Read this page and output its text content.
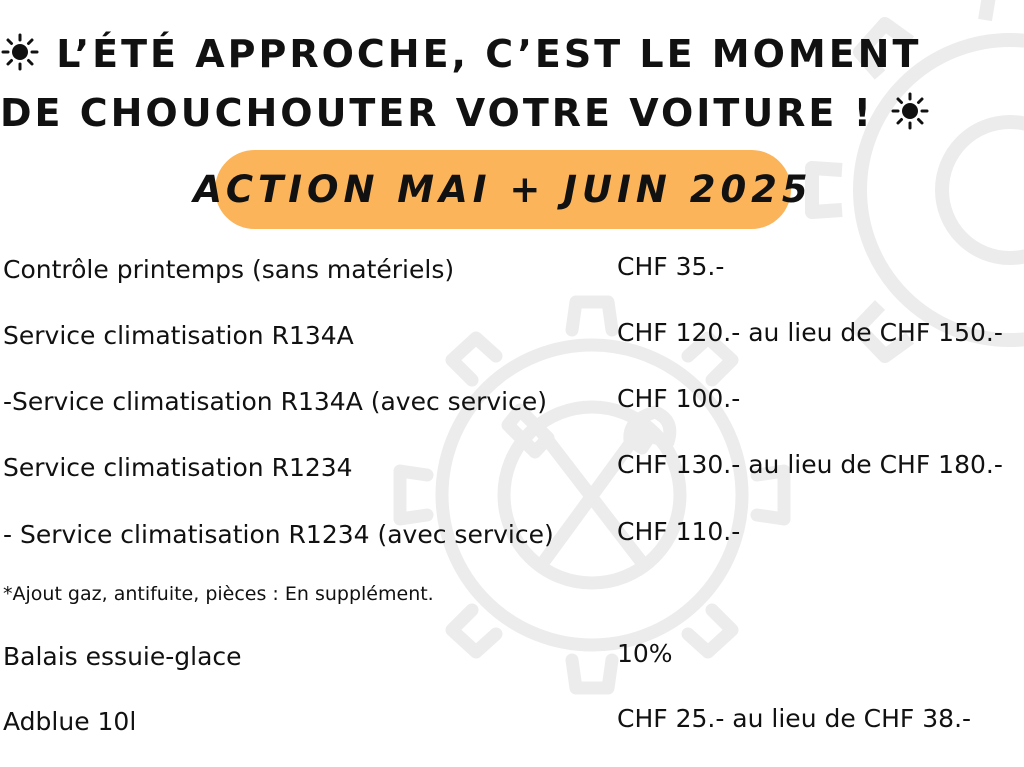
L’ÉTÉ APPROCHE, C’EST LE MOMENT
DE CHOUCHOUTER VOTRE VOITURE !
ACTION MAI + JUIN 2025
Contrôle printemps (sans matériels)	CHF 35.-
Service climatisation R134A	CHF 120.- au lieu de CHF 150.-
-Service climatisation R134A (avec service)	CHF 100.-
Service climatisation R1234	CHF 130.- au lieu de CHF 180.-
- Service climatisation R1234 (avec service)	CHF 110.-
*Ajout gaz, antifuite, pièces : En supplément.
Balais essuie-glace	10%
Adblue 10l	CHF 25.- au lieu de CHF 38.-
